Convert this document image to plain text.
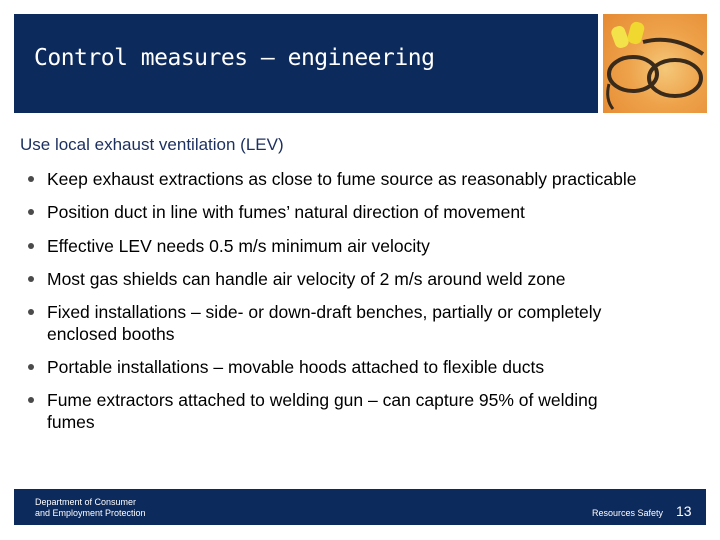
Control measures – engineering
Use local exhaust ventilation (LEV)
Keep exhaust extractions as close to fume source as reasonably practicable
Position duct in line with fumes’ natural direction of movement
Effective LEV needs 0.5 m/s minimum air velocity
Most gas shields can handle air velocity of 2 m/s around weld zone
Fixed installations – side- or down-draft benches, partially or completely enclosed booths
Portable installations – movable hoods attached to flexible ducts
Fume extractors attached to welding gun – can capture 95% of welding fumes
Department of Consumer
and Employment Protection	Resources Safety 13
